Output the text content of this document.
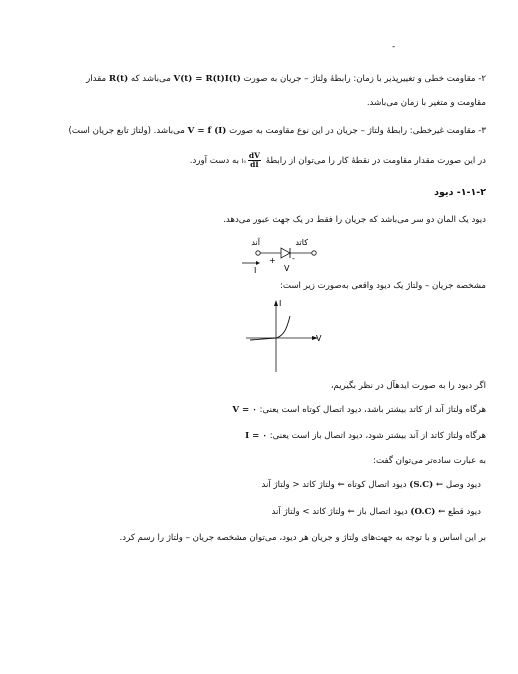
-
۲- مقاومت خطی و تغییرپذیر با زمان: رابطهٔ ولتاژ – جریان به صورت V(t) = R(t)I(t) می‌باشد که R(t) مقدار
مقاومت و متغیر با زمان می‌باشد.
۳- مقاومت غیرخطی: رابطهٔ ولتاژ – جریان در این نوع مقاومت به صورت V = f (I) می‌باشد. (ولتاژ تابع جریان است)
در این صورت مقدار مقاومت در نقطهٔ کار را می‌توان از رابطهٔ
$\frac{dV}{dI}$
I₀ به دست آورد.
۱-۱-۲- دیود
دیود یک المان دو سر می‌باشد که جریان را فقط در یک جهت عبور می‌دهد.
آند	کاتد
+ -
I	V
مشخصه جریان – ولتاژ یک دیود واقعی به‌صورت زیر است:
I
V
اگر دیود را به صورت ایدهآل در نظر بگیریم،
هرگاه ولتاژ آند از کاتد بیشتر باشد، دیود اتصال کوتاه است یعنی: V = ۰
هرگاه ولتاژ کاتد از آند بیشتر شود، دیود اتصال باز است یعنی: I = ۰
به عبارت ساده‌تر می‌توان گفت:
دیود وصل ← (S.C) دیود اتصال کوتاه ← ولتاژ کاتد < ولتاژ آند
دیود قطع ← (O.C) دیود اتصال باز ← ولتاژ کاتد > ولتاژ آند
بر این اساس و با توجه به جهت‌های ولتاژ و جریان هر دیود، می‌توان مشخصه جریان – ولتاژ را رسم کرد.
